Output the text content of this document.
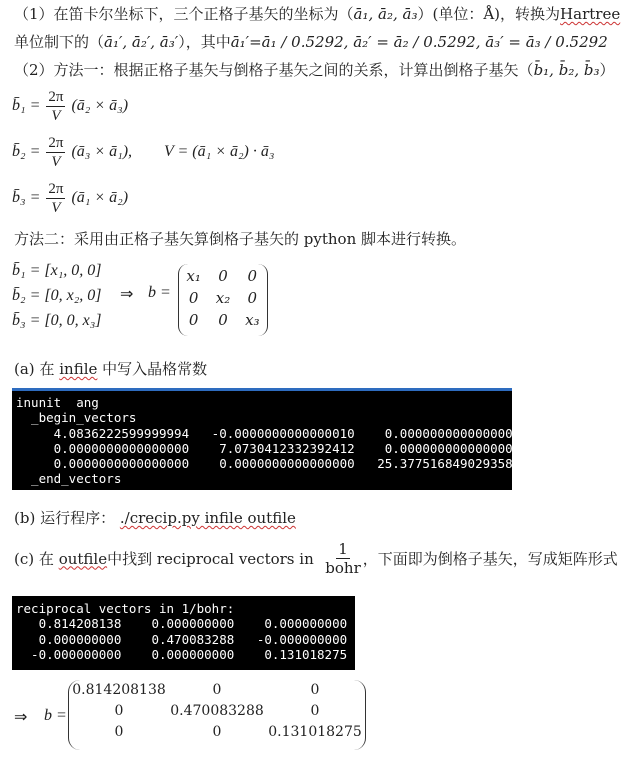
（1）在笛卡尔坐标下，三个正格子基矢的坐标为（ā₁, ā₂, ā₃）(单位：Å)，转换为Hartree
单位制下的（ā₁′, ā₂′, ā₃′），其中ā₁′=ā₁ / 0.5292, ā₂′ = ā₂ / 0.5292, ā₃′ = ā₃ / 0.5292
（2）方法一：根据正格子基矢与倒格子基矢之间的关系，计算出倒格子基矢（b̄₁, b̄₂, b̄₃）
b̄₁ = $\frac{2\pi}{V}$ (ā₂ × ā₃)
b̄₂ = $\frac{2\pi}{V}$ (ā₃ × ā₁), V = (ā₁ × ā₂) · ā₃
b̄₃ = $\frac{2\pi}{V}$ (ā₁ × ā₂)
方法二：采用由正格子基矢算倒格子基矢的 python 脚本进行转换。
b̄₁ = [x₁, 0, 0]
b̄₂ = [0, x₂, 0]
b̄₃ = [0, 0, x₃]
⇒ b =
x₁	0	0
0	x₂	0
0	0	x₃
(a) 在 infile 中写入晶格常数
inunit  ang
_begin_vectors
4.0836222599999994   -0.0000000000000010    0.0000000000000000
0.0000000000000000    7.0730412332392412    0.0000000000000000
0.0000000000000000    0.0000000000000000   25.3775168490293588
_end_vectors
(b) 运行程序： ./crecip.py infile outfile
(c)
在
outfile 中找到 reciprocal vectors in
$\frac{1}{\text{bohr}}$ ，下面即为倒格子基矢，写成矩阵形式
reciprocal vectors in 1/bohr:
0.814208138    0.000000000    0.000000000
0.000000000    0.470083288   -0.000000000
-0.000000000    0.000000000    0.131018275
⇒ b =
0.814208138	0	0
0	0.470083288	0
0	0	0.131018275
